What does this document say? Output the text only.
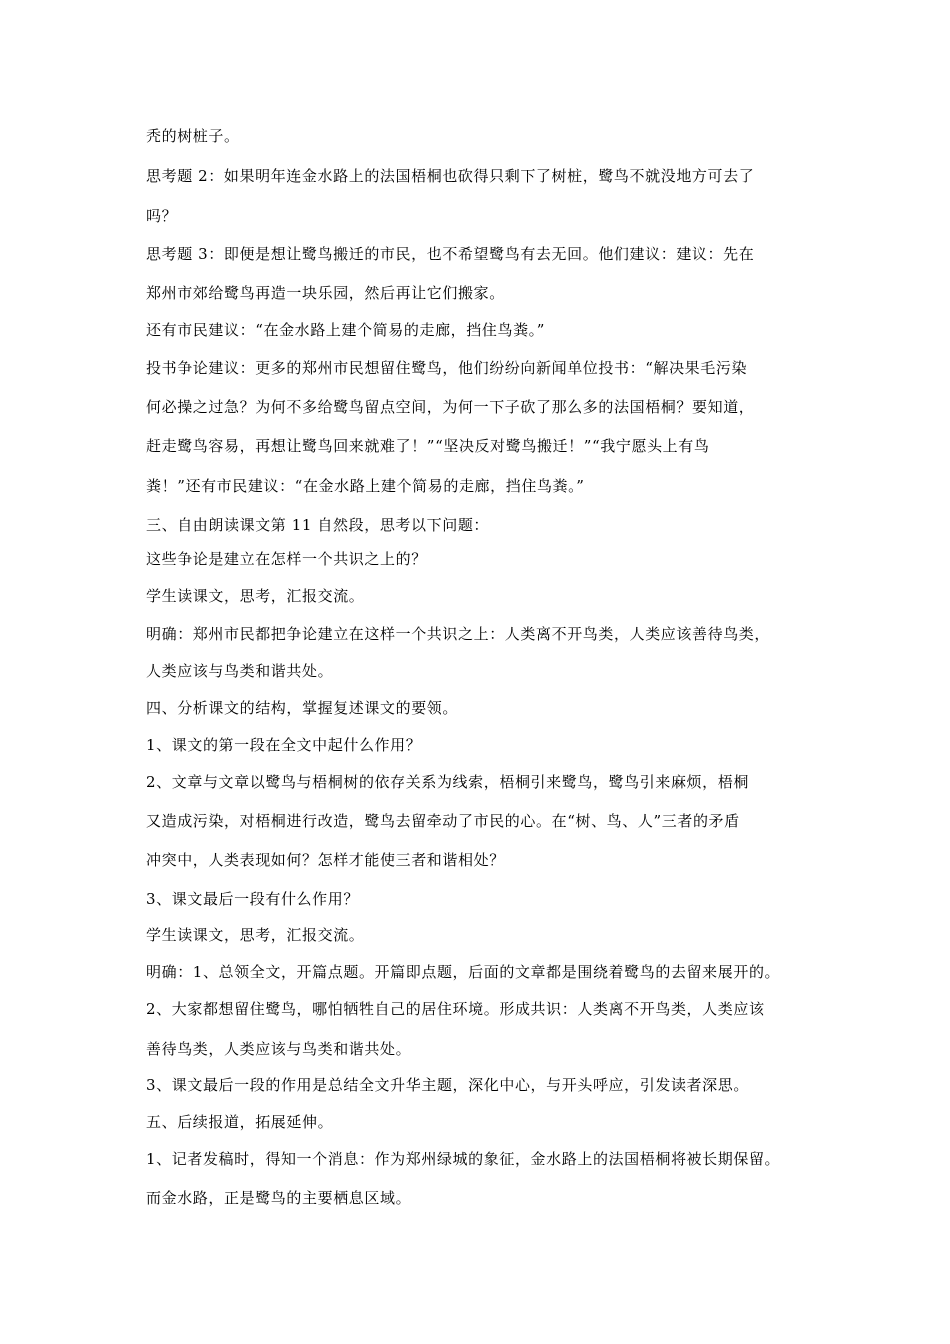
秃的树桩子。
思考题 2：如果明年连金水路上的法国梧桐也砍得只剩下了树桩，鹭鸟不就没地方可去了
吗？
思考题 3：即便是想让鹭鸟搬迁的市民，也不希望鹭鸟有去无回。他们建议：建议：先在
郑州市郊给鹭鸟再造一块乐园，然后再让它们搬家。
还有市民建议：“在金水路上建个简易的走廊，挡住鸟粪。”
投书争论建议：更多的郑州市民想留住鹭鸟，他们纷纷向新闻单位投书：“解决果毛污染
何必操之过急？为何不多给鹭鸟留点空间，为何一下子砍了那么多的法国梧桐？要知道，
赶走鹭鸟容易，再想让鹭鸟回来就难了！”“坚决反对鹭鸟搬迁！”“我宁愿头上有鸟
粪！”还有市民建议：“在金水路上建个简易的走廊，挡住鸟粪。”
三、自由朗读课文第 11 自然段，思考以下问题：
这些争论是建立在怎样一个共识之上的？
学生读课文，思考，汇报交流。
明确：郑州市民都把争论建立在这样一个共识之上：人类离不开鸟类，人类应该善待鸟类，
人类应该与鸟类和谐共处。
四、分析课文的结构，掌握复述课文的要领。
1、课文的第一段在全文中起什么作用？
2、文章与文章以鹭鸟与梧桐树的依存关系为线索，梧桐引来鹭鸟，鹭鸟引来麻烦，梧桐
又造成污染，对梧桐进行改造，鹭鸟去留牵动了市民的心。在“树、鸟、人”三者的矛盾
冲突中，人类表现如何？怎样才能使三者和谐相处？
3、课文最后一段有什么作用？
学生读课文，思考，汇报交流。
明确：1、总领全文，开篇点题。开篇即点题，后面的文章都是围绕着鹭鸟的去留来展开的。
2、大家都想留住鹭鸟，哪怕牺牲自己的居住环境。形成共识：人类离不开鸟类，人类应该
善待鸟类，人类应该与鸟类和谐共处。
3、课文最后一段的作用是总结全文升华主题，深化中心，与开头呼应，引发读者深思。
五、后续报道，拓展延伸。
1、记者发稿时，得知一个消息：作为郑州绿城的象征，金水路上的法国梧桐将被长期保留。
而金水路，正是鹭鸟的主要栖息区域。
